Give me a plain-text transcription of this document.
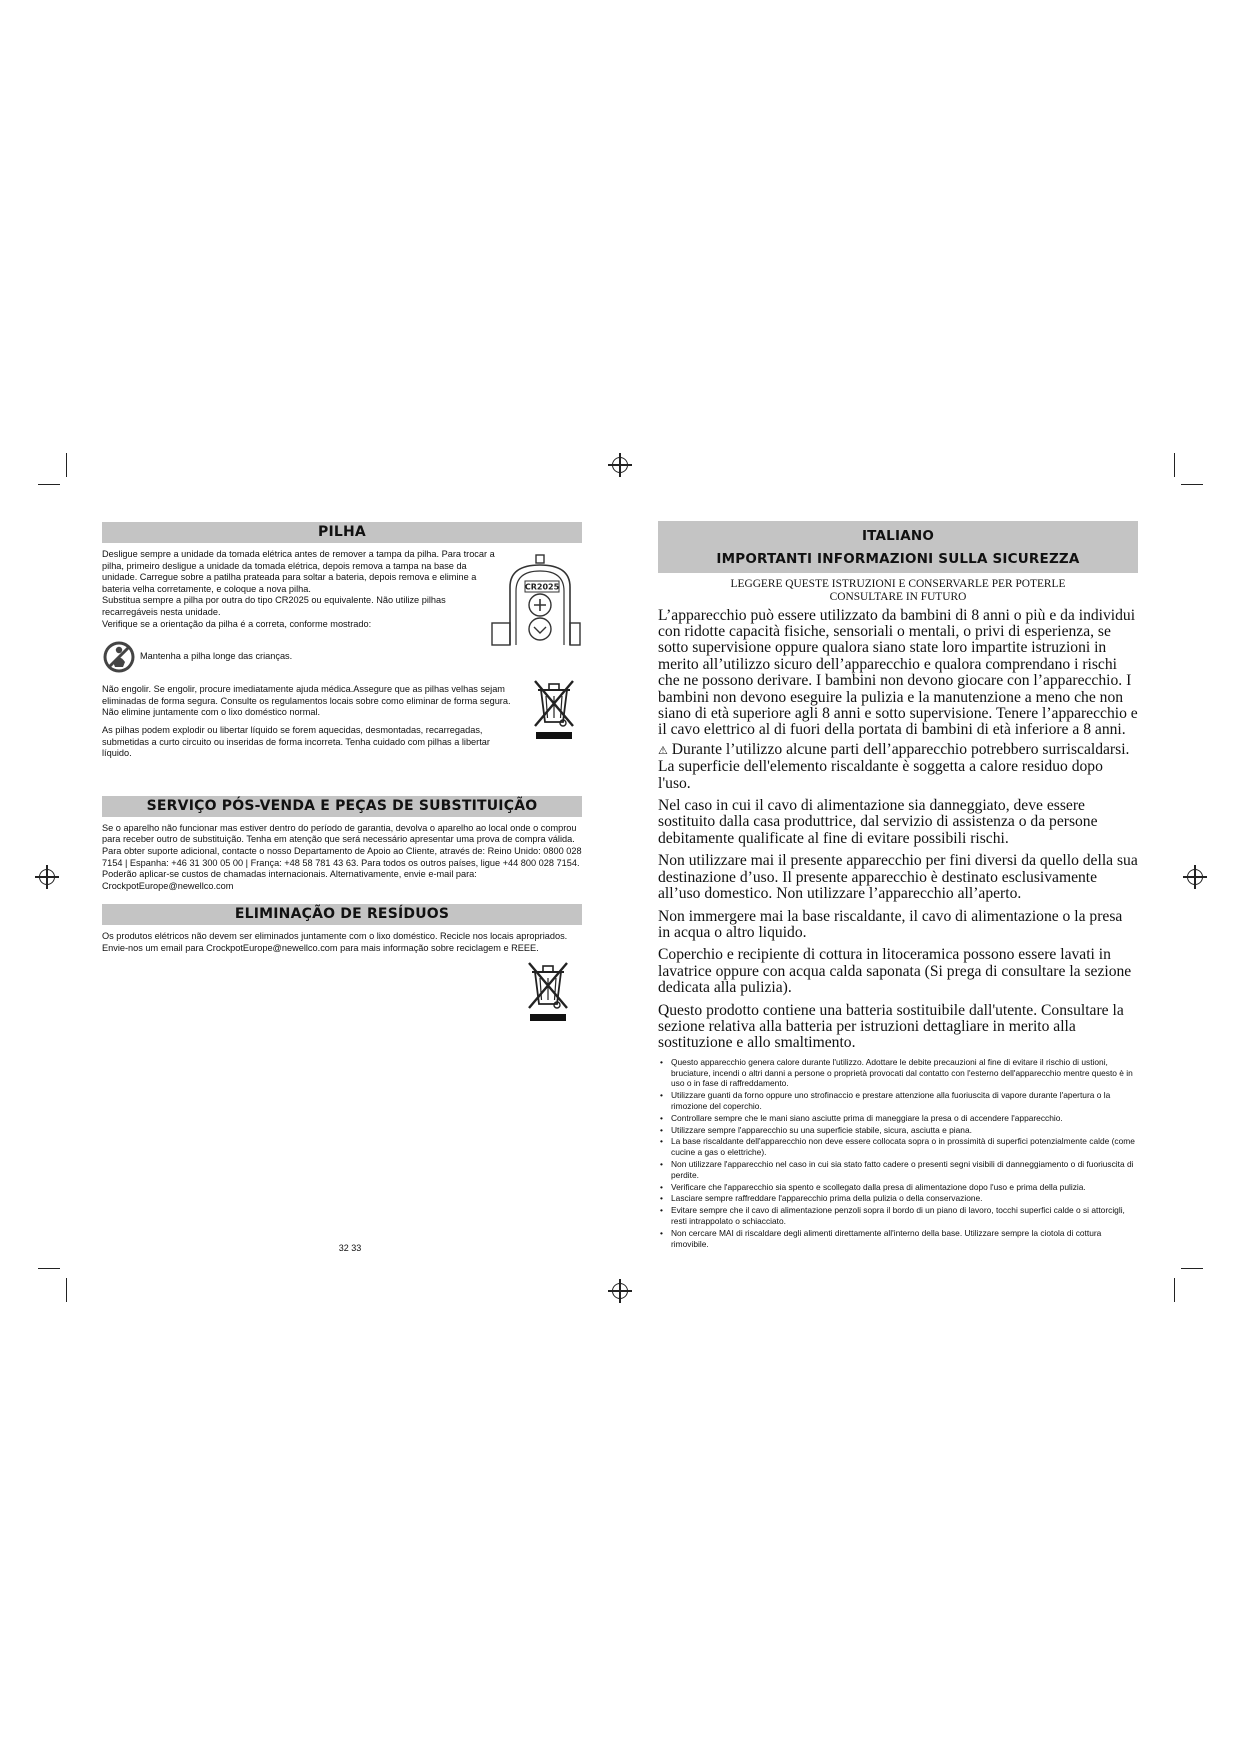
PILHA

Desligue sempre a unidade da tomada elétrica antes de remover a tampa da pilha. Para trocar a pilha, primeiro desligue a unidade da tomada elétrica, depois remova a tampa na base da unidade. Carregue sobre a patilha prateada para soltar a bateria, depois remova e elimine a bateria velha corretamente, e coloque a nova pilha.

Substitua sempre a pilha por outra do tipo CR2025 ou equivalente. Não utilize pilhas recarregáveis nesta unidade.

Verifique se a orientação da pilha é a correta, conforme mostrado:

CR2025
Mantenha a pilha longe das crianças.

Não engolir. Se engolir, procure imediatamente ajuda médica.Assegure que as pilhas velhas sejam eliminadas de forma segura. Consulte os regulamentos locais sobre como eliminar de forma segura. Não elimine juntamente com o lixo doméstico normal.

As pilhas podem explodir ou libertar líquido se forem aquecidas, desmontadas, recarregadas, submetidas a curto circuito ou inseridas de forma incorreta. Tenha cuidado com pilhas a libertar líquido.

SERVIÇO PÓS-VENDA E PEÇAS DE SUBSTITUIÇÃO

Se o aparelho não funcionar mas estiver dentro do período de garantia, devolva o aparelho ao local onde o comprou para receber outro de substituição. Tenha em atenção que será necessário apresentar uma prova de compra válida. Para obter suporte adicional, contacte o nosso Departamento de Apoio ao Cliente, através de: Reino Unido: 0800 028 7154 | Espanha: +46 31 300 05 00 | França: +48 58 781 43 63. Para todos os outros países, ligue +44 800 028 7154. Poderão aplicar-se custos de chamadas internacionais. Alternativamente, envie e-mail para: CrockpotEurope@newellco.com

ELIMINAÇÃO DE RESÍDUOS

Os produtos elétricos não devem ser eliminados juntamente com o lixo doméstico. Recicle nos locais apropriados. Envie-nos um email para CrockpotEurope@newellco.com para mais informação sobre reciclagem e REEE.

32 33
ITALIANO
IMPORTANTI INFORMAZIONI SULLA SICUREZZA
LEGGERE QUESTE ISTRUZIONI E CONSERVARLE PER POTERLE
CONSULTARE IN FUTURO

L’apparecchio può essere utilizzato da bambini di 8 anni o più e da individui con ridotte capacità fisiche, sensoriali o mentali, o privi di esperienza, se sotto supervisione oppure qualora siano state loro impartite istruzioni in merito all’utilizzo sicuro dell’apparecchio e qualora comprendano i rischi che ne possono derivare. I bambini non devono giocare con l’apparecchio. I bambini non devono eseguire la pulizia e la manutenzione a meno che non siano di età superiore agli 8 anni e sotto supervisione. Tenere l’apparecchio e il cavo elettrico al di fuori della portata di bambini di età inferiore a 8 anni.

⚠ Durante l’utilizzo alcune parti dell’apparecchio potrebbero surriscaldarsi. La superficie dell'elemento riscaldante è soggetta a calore residuo dopo l'uso.

Nel caso in cui il cavo di alimentazione sia danneggiato, deve essere sostituito dalla casa produttrice, dal servizio di assistenza o da persone debitamente qualificate al fine di evitare possibili rischi.

Non utilizzare mai il presente apparecchio per fini diversi da quello della sua destinazione d’uso. Il presente apparecchio è destinato esclusivamente all’uso domestico. Non utilizzare l’apparecchio all’aperto.

Non immergere mai la base riscaldante, il cavo di alimentazione o la presa in acqua o altro liquido.

Coperchio e recipiente di cottura in litoceramica possono essere lavati in lavatrice oppure con acqua calda saponata (Si prega di consultare la sezione dedicata alla pulizia).

Questo prodotto contiene una batteria sostituibile dall'utente. Consultare la sezione relativa alla batteria per istruzioni dettagliare in merito alla sostituzione e allo smaltimento.

• Questo apparecchio genera calore durante l'utilizzo. Adottare le debite precauzioni al fine di evitare il rischio di ustioni, bruciature, incendi o altri danni a persone o proprietà provocati dal contatto con l'esterno dell'apparecchio mentre questo è in uso o in fase di raffreddamento.
• Utilizzare guanti da forno oppure uno strofinaccio e prestare attenzione alla fuoriuscita di vapore durante l'apertura o la rimozione del coperchio.
• Controllare sempre che le mani siano asciutte prima di maneggiare la presa o di accendere l'apparecchio.
• Utilizzare sempre l'apparecchio su una superficie stabile, sicura, asciutta e piana.
• La base riscaldante dell'apparecchio non deve essere collocata sopra o in prossimità di superfici potenzialmente calde (come cucine a gas o elettriche).
• Non utilizzare l'apparecchio nel caso in cui sia stato fatto cadere o presenti segni visibili di danneggiamento o di fuoriuscita di perdite.
• Verificare che l'apparecchio sia spento e scollegato dalla presa di alimentazione dopo l'uso e prima della pulizia.
• Lasciare sempre raffreddare l'apparecchio prima della pulizia o della conservazione.
• Evitare sempre che il cavo di alimentazione penzoli sopra il bordo di un piano di lavoro, tocchi superfici calde o si attorcigli, resti intrappolato o schiacciato.
• Non cercare MAI di riscaldare degli alimenti direttamente all'interno della base. Utilizzare sempre la ciotola di cottura rimovibile.
